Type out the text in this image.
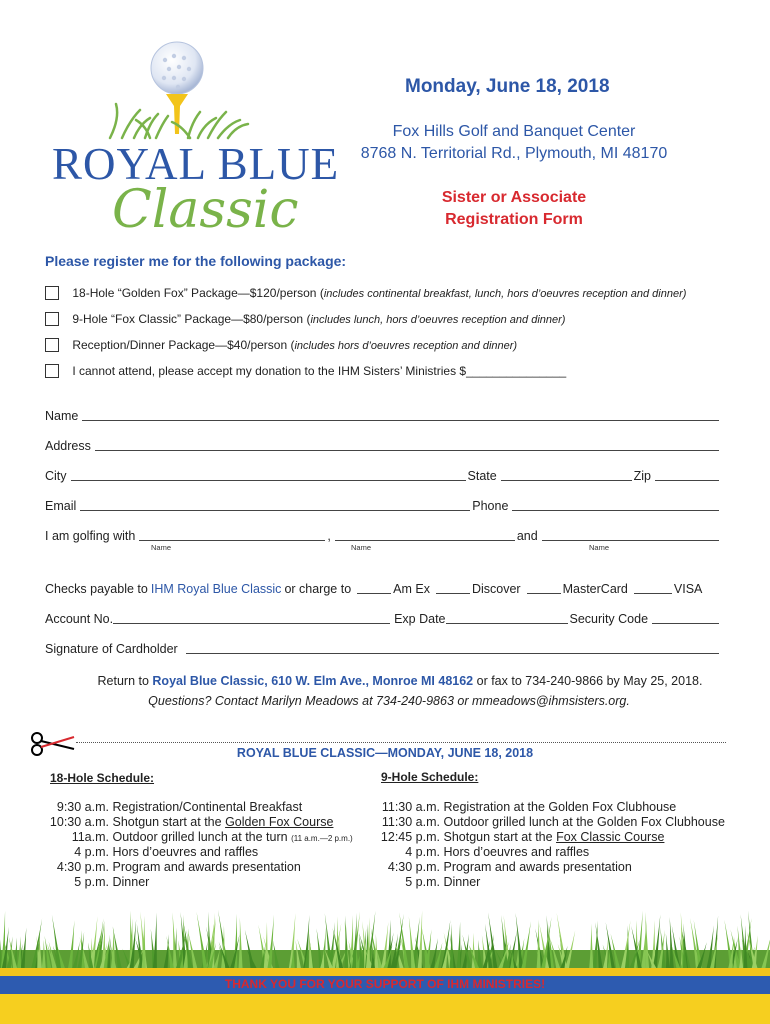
ROYAL BLUE
Classic
Monday, June 18, 2018
Fox Hills Golf and Banquet Center
8768 N. Territorial Rd., Plymouth, MI 48170
Sister or Associate
Registration Form
Please register me for the following package:
18-Hole “Golden Fox” Package—$120/person (includes continental breakfast, lunch, hors d’oeuvres reception and dinner)
9-Hole “Fox Classic” Package—$80/person (includes lunch, hors d’oeuvres reception and dinner)
Reception/Dinner Package—$40/person (includes hors d’oeuvres reception and dinner)
I cannot attend, please accept my donation to the IHM Sisters’ Ministries $_______________
Name
Address
City	State	Zip
Email	Phone
I am golfing with	,	and
Name	Name	Name
Checks payable to IHM Royal Blue Classic or charge to	Am Ex	Discover	MasterCard	VISA
Account No.	Exp Date	Security Code
Signature of Cardholder
Return to Royal Blue Classic, 610 W. Elm Ave., Monroe MI 48162 or fax to 734-240-9866 by May 25, 2018.
Questions? Contact Marilyn Meadows at 734-240-9863 or mmeadows@ihmsisters.org.
ROYAL BLUE CLASSIC—MONDAY, JUNE 18, 2018
18-Hole Schedule:	9-Hole Schedule:
9:30 a.m. Registration/Continental Breakfast
10:30 a.m. Shotgun start at the Golden Fox Course
11a.m. Outdoor grilled lunch at the turn (11 a.m.—2 p.m.)
4 p.m. Hors d’oeuvres and raffles
4:30 p.m. Program and awards presentation
5 p.m. Dinner
11:30 a.m. Registration at the Golden Fox Clubhouse
11:30 a.m. Outdoor grilled lunch at the Golden Fox Clubhouse
12:45 p.m. Shotgun start at the Fox Classic Course
4 p.m. Hors d’oeuvres and raffles
4:30 p.m. Program and awards presentation
5 p.m. Dinner
THANK YOU FOR YOUR SUPPORT OF IHM MINISTRIES!
